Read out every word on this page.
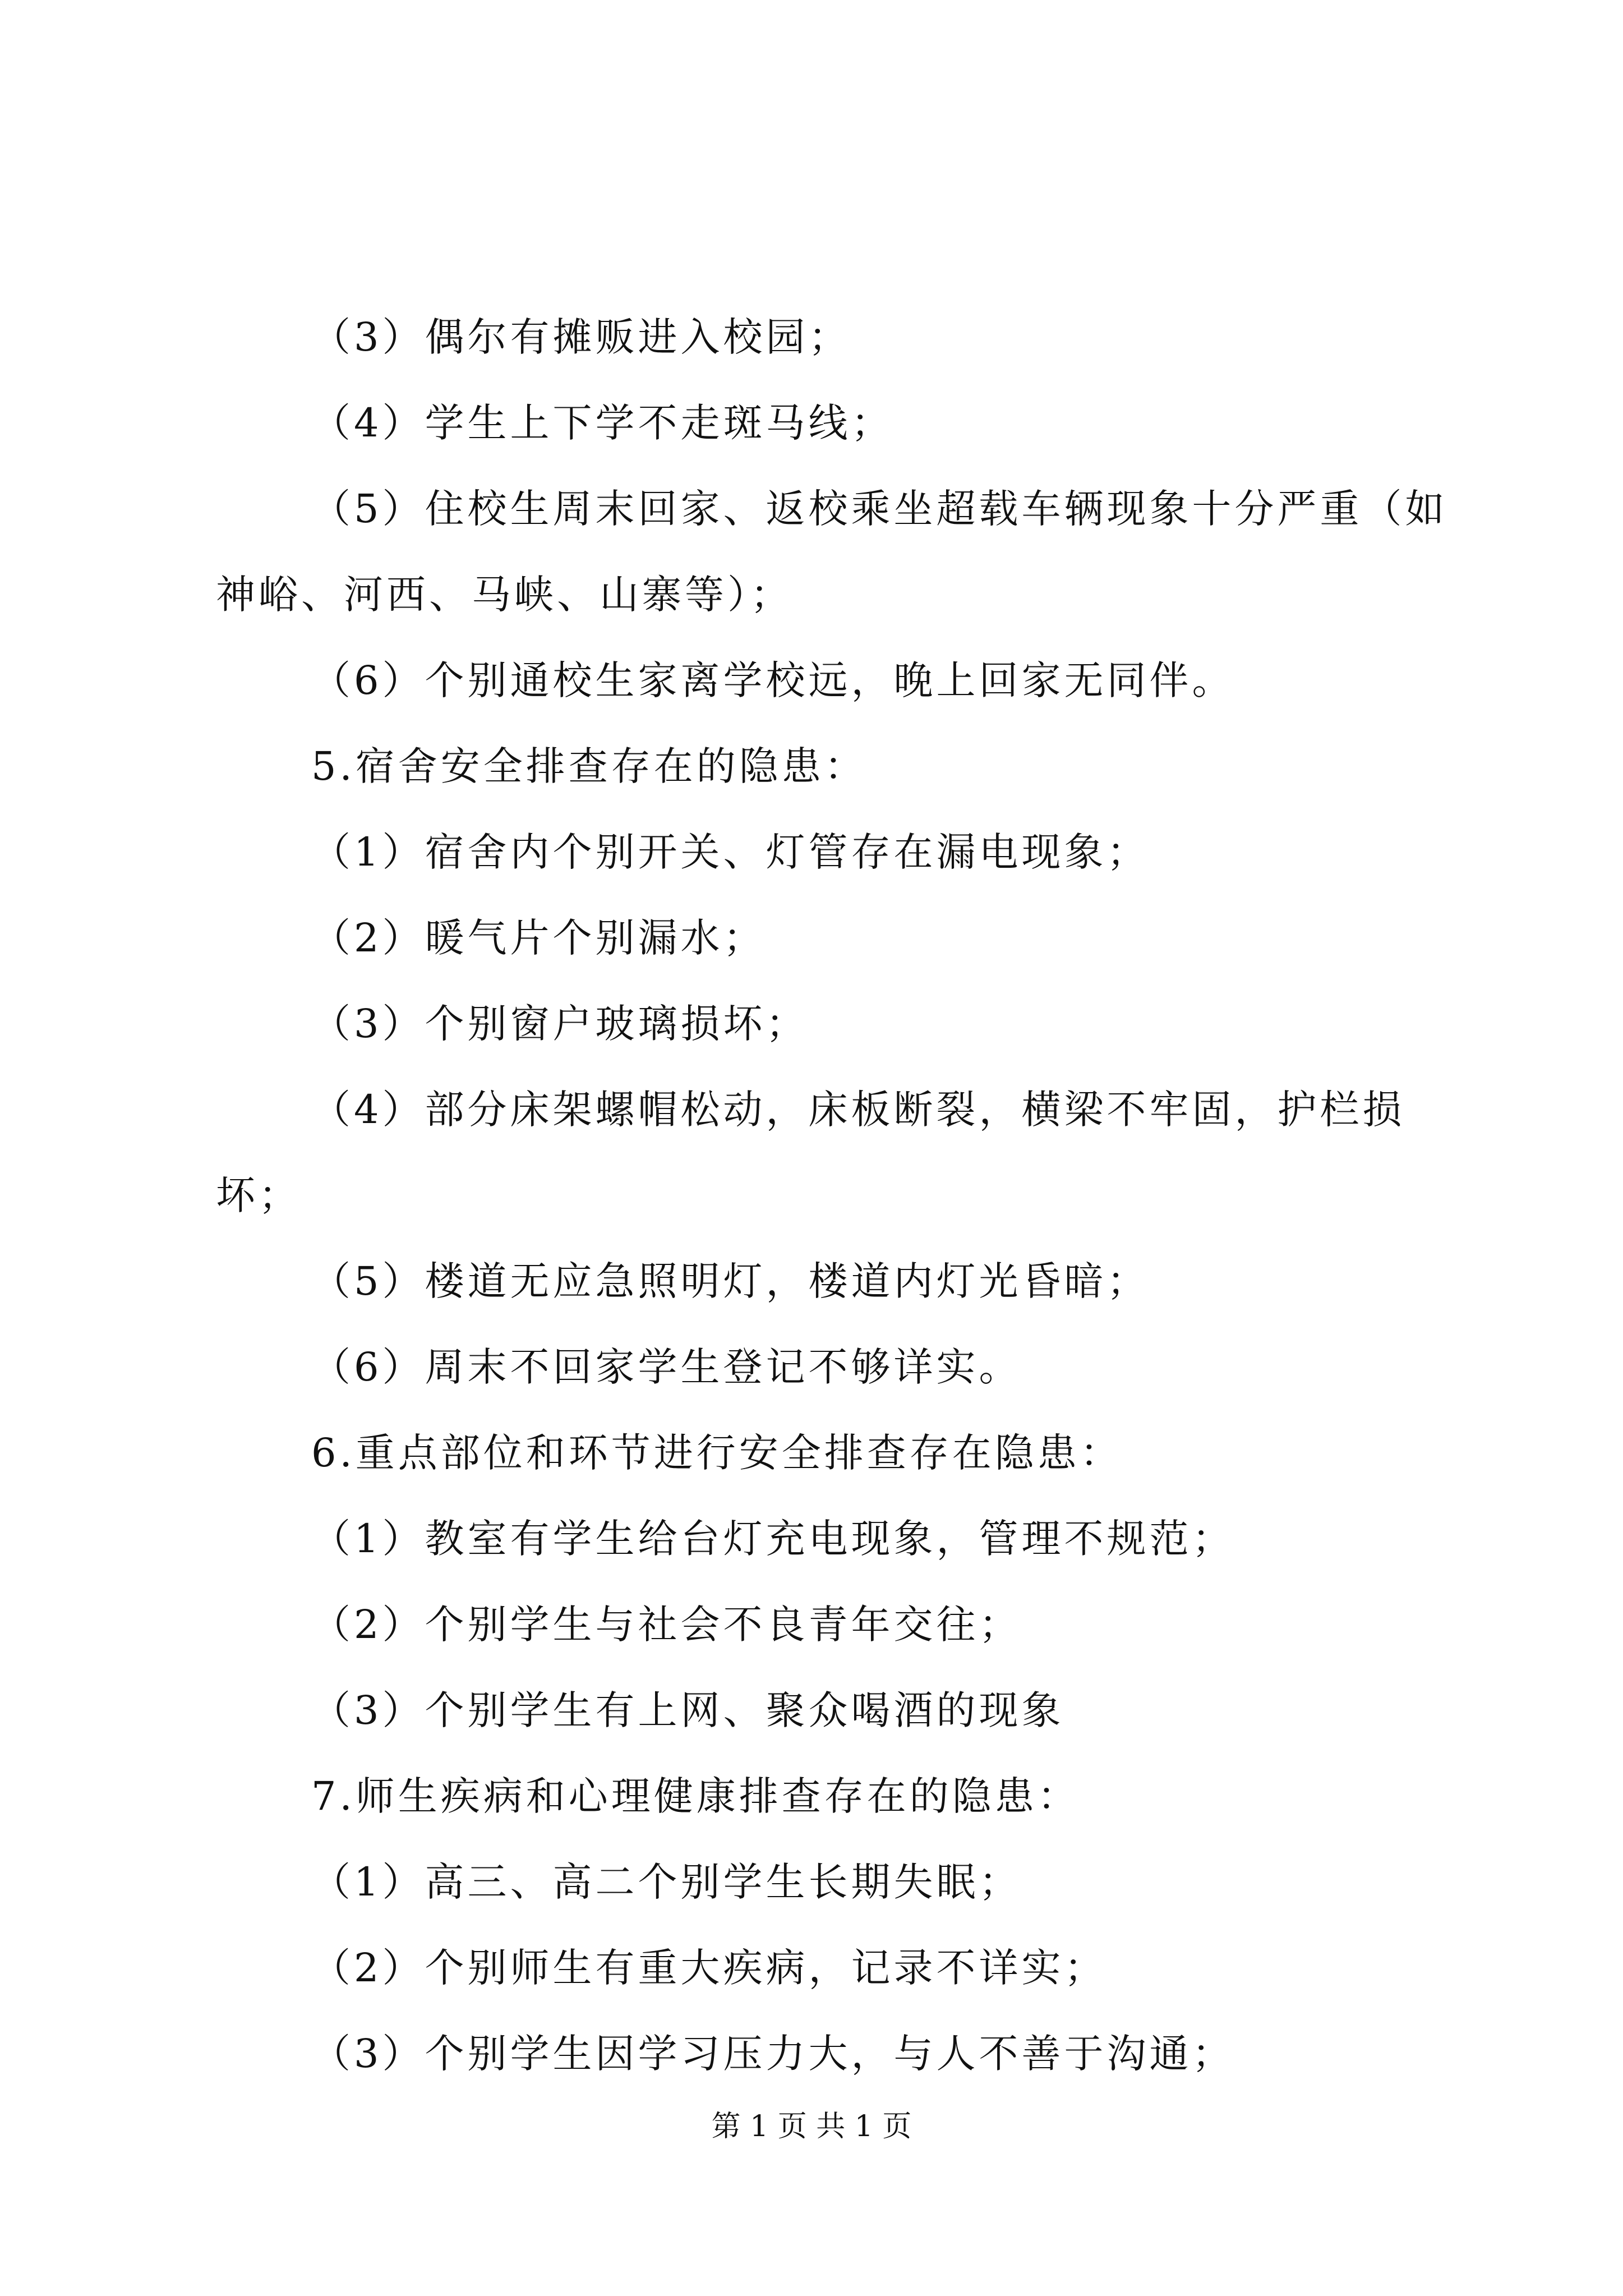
（3）偶尔有摊贩进入校园；
（4）学生上下学不走斑马线；
（5）住校生周末回家、返校乘坐超载车辆现象十分严重（如
神峪、河西、马峡、山寨等）；
（6）个别通校生家离学校远，晚上回家无同伴。
5.宿舍安全排查存在的隐患：
（1）宿舍内个别开关、灯管存在漏电现象；
（2）暖气片个别漏水；
（3）个别窗户玻璃损坏；
（4）部分床架螺帽松动，床板断裂，横梁不牢固，护栏损
坏；
（5）楼道无应急照明灯，楼道内灯光昏暗；
（6）周末不回家学生登记不够详实。
6.重点部位和环节进行安全排查存在隐患：
（1）教室有学生给台灯充电现象，管理不规范；
（2）个别学生与社会不良青年交往；
（3）个别学生有上网、聚众喝酒的现象
7.师生疾病和心理健康排查存在的隐患：
（1）高三、高二个别学生长期失眠；
（2）个别师生有重大疾病，记录不详实；
（3）个别学生因学习压力大，与人不善于沟通；
第 1 页 共 1 页
